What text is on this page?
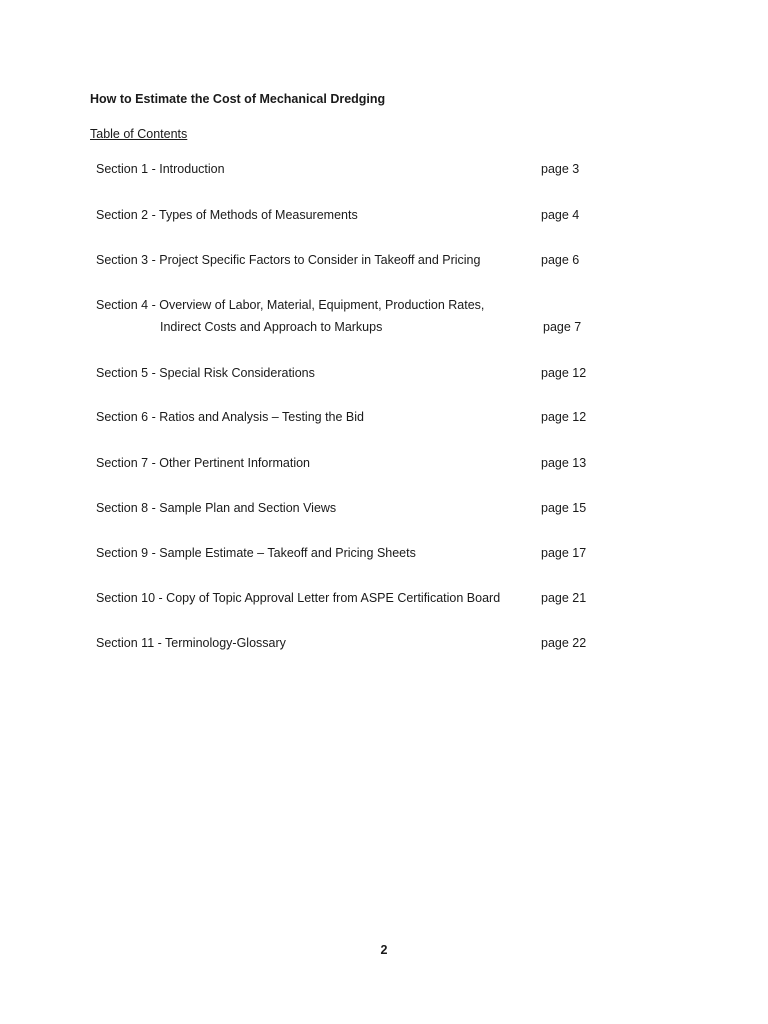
How to Estimate the Cost of Mechanical Dredging
Table of Contents
Section 1 - Introduction	page 3
Section 2 - Types of Methods of Measurements	page 4
Section 3 - Project Specific Factors to Consider in Takeoff and Pricing	page 6
Section 4 - Overview of Labor, Material, Equipment, Production Rates,
Indirect Costs and Approach to Markups	page 7
Section 5 - Special Risk Considerations	page 12
Section 6 - Ratios and Analysis – Testing the Bid	page 12
Section 7 - Other Pertinent Information	page 13
Section 8 - Sample Plan and Section Views	page 15
Section 9 - Sample Estimate – Takeoff and Pricing Sheets	page 17
Section 10 - Copy of Topic Approval Letter from ASPE Certification Board	page 21
Section 11 - Terminology-Glossary	page 22
2
